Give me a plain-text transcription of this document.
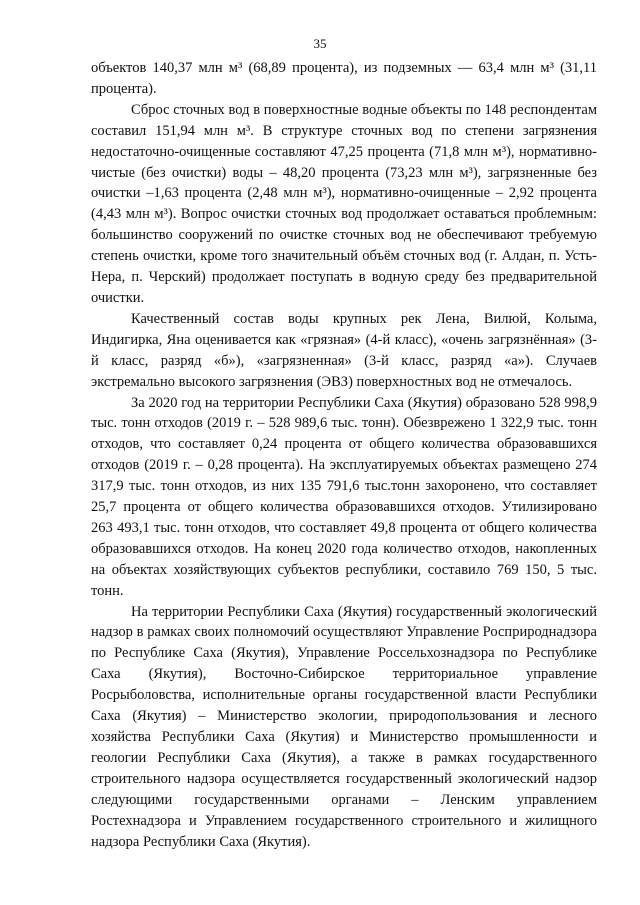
35

объектов 140,37 млн м³ (68,89 процента), из подземных — 63,4 млн м³ (31,11 процента).

Сброс сточных вод в поверхностные водные объекты по 148 респондентам составил 151,94 млн м³. В структуре сточных вод по степени загрязнения недостаточно-очищенные составляют 47,25 процента (71,8 млн м³), нормативно-чистые (без очистки) воды – 48,20 процента (73,23 млн м³), загрязненные без очистки –1,63 процента (2,48 млн м³), нормативно-очищенные – 2,92 процента (4,43 млн м³). Вопрос очистки сточных вод продолжает оставаться проблемным: большинство сооружений по очистке сточных вод не обеспечивают требуемую степень очистки, кроме того значительный объём сточных вод (г. Алдан, п. Усть-Нера, п. Черский) продолжает поступать в водную среду без предварительной очистки.

Качественный состав воды крупных рек Лена, Вилюй, Колыма, Индигирка, Яна оценивается как «грязная» (4-й класс), «очень загрязнённая» (3-й класс, разряд «б»), «загрязненная» (3-й класс, разряд «а»). Случаев экстремально высокого загрязнения (ЭВЗ) поверхностных вод не отмечалось.

За 2020 год на территории Республики Саха (Якутия) образовано 528 998,9 тыс. тонн отходов (2019 г. – 528 989,6 тыс. тонн). Обезврежено 1 322,9 тыс. тонн отходов, что составляет 0,24 процента от общего количества образовавшихся отходов (2019 г. – 0,28 процента). На эксплуатируемых объектах размещено 274 317,9 тыс. тонн отходов, из них 135 791,6 тыс.тонн захоронено, что составляет 25,7 процента от общего количества образовавшихся отходов. Утилизировано 263 493,1 тыс. тонн отходов, что составляет 49,8 процента от общего количества образовавшихся отходов. На конец 2020 года количество отходов, накопленных на объектах хозяйствующих субъектов республики, составило 769 150, 5 тыс. тонн.

На территории Республики Саха (Якутия) государственный экологический надзор в рамках своих полномочий осуществляют Управление Росприроднадзора по Республике Саха (Якутия), Управление Россельхознадзора по Республике Саха (Якутия), Восточно-Сибирское территориальное управление Росрыболовства, исполнительные органы государственной власти Республики Саха (Якутия) – Министерство экологии, природопользования и лесного хозяйства Республики Саха (Якутия) и Министерство промышленности и геологии Республики Саха (Якутия), а также в рамках государственного строительного надзора осуществляется государственный экологический надзор следующими государственными органами – Ленским управлением Ростехнадзора и Управлением государственного строительного и жилищного надзора Республики Саха (Якутия).
